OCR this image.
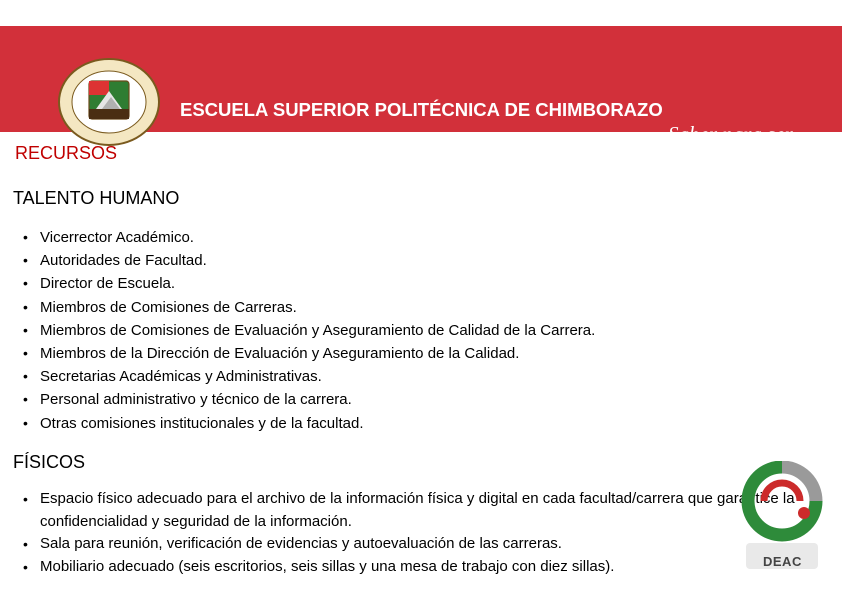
ESCUELA SUPERIOR POLITÉCNICA DE CHIMBORAZO
Saber para ser
RECURSOS
TALENTO HUMANO
• Vicerrector Académico.
• Autoridades de Facultad.
• Director de Escuela.
• Miembros de Comisiones de Carreras.
• Miembros de Comisiones de Evaluación y Aseguramiento de Calidad de la Carrera.
• Miembros de la Dirección de Evaluación y Aseguramiento de la Calidad.
• Secretarias Académicas y Administrativas.
• Personal administrativo y técnico de la carrera.
• Otras comisiones institucionales y de la facultad.
FÍSICOS
• Espacio físico adecuado para el archivo de la información física y digital en cada facultad/carrera que garantice la confidencialidad y seguridad de la información.
• Sala para reunión, verificación de evidencias y autoevaluación de las carreras.
• Mobiliario adecuado (seis escritorios, seis sillas y una mesa de trabajo con diez sillas).	DEAC
